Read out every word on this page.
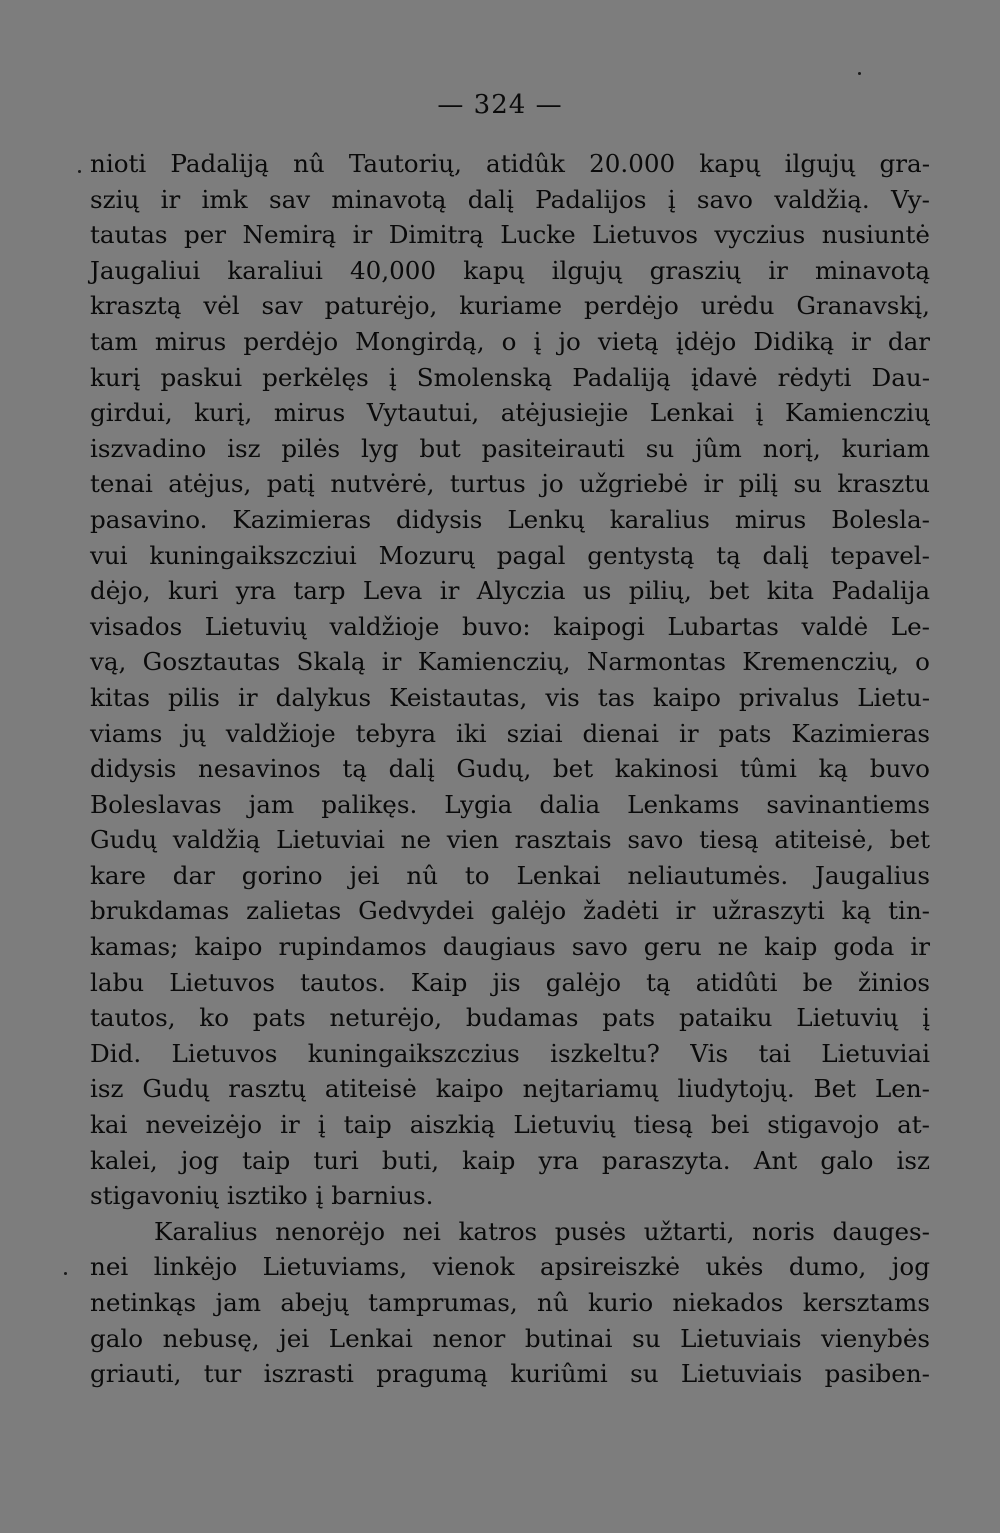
— 324 —
nioti Padaliją nû Tautorių, atidûk 20.000 kapų ilgujų gra-
szių ir imk sav minavotą dalį Padalijos į savo valdžią. Vy-
tautas per Nemirą ir Dimitrą Lucke Lietuvos vyczius nusiuntė
Jaugaliui karaliui 40,000 kapų ilgujų graszių ir minavotą
krasztą vėl sav paturėjo, kuriame perdėjo urėdu Granavskį,
tam mirus perdėjo Mongirdą, o į jo vietą įdėjo Didiką ir dar
kurį paskui perkėlęs į Smolenską Padaliją įdavė rėdyti Dau-
girdui, kurį, mirus Vytautui, atėjusiejie Lenkai į Kamienczių
iszvadino isz pilės lyg but pasiteirauti su jûm norį, kuriam
tenai atėjus, patį nutvėrė, turtus jo užgriebė ir pilį su krasztu
pasavino. Kazimieras didysis Lenkų karalius mirus Bolesla-
vui kuningaikszcziui Mozurų pagal gentystą tą dalį tepavel-
dėjo, kuri yra tarp Leva ir Alyczia us pilių, bet kita Padalija
visados Lietuvių valdžioje buvo: kaipogi Lubartas valdė Le-
vą, Gosztautas Skalą ir Kamienczių, Narmontas Kremenczių, o
kitas pilis ir dalykus Keistautas, vis tas kaipo privalus Lietu-
viams jų valdžioje tebyra iki sziai dienai ir pats Kazimieras
didysis nesavinos tą dalį Gudų, bet kakinosi tûmi ką buvo
Boleslavas jam palikęs. Lygia dalia Lenkams savinantiems
Gudų valdžią Lietuviai ne vien rasztais savo tiesą atiteisė, bet
kare dar gorino jei nû to Lenkai neliautumės. Jaugalius
brukdamas zalietas Gedvydei galėjo žadėti ir užraszyti ką tin-
kamas; kaipo rupindamos daugiaus savo geru ne kaip goda ir
labu Lietuvos tautos. Kaip jis galėjo tą atidûti be žinios
tautos, ko pats neturėjo, budamas pats pataiku Lietuvių į
Did. Lietuvos kuningaikszczius iszkeltu? Vis tai Lietuviai
isz Gudų rasztų atiteisė kaipo nejtariamų liudytojų. Bet Len-
kai neveizėjo ir į taip aiszkią Lietuvių tiesą bei stigavojo at-
kalei, jog taip turi buti, kaip yra paraszyta. Ant galo isz
stigavonių isztiko į barnius.
Karalius nenorėjo nei katros pusės užtarti, noris dauges-
nei linkėjo Lietuviams, vienok apsireiszkė ukės dumo, jog
netinkąs jam abejų tamprumas, nû kurio niekados kersztams
galo nebusę, jei Lenkai nenor butinai su Lietuviais vienybės
griauti, tur iszrasti pragumą kuriûmi su Lietuviais pasiben-
